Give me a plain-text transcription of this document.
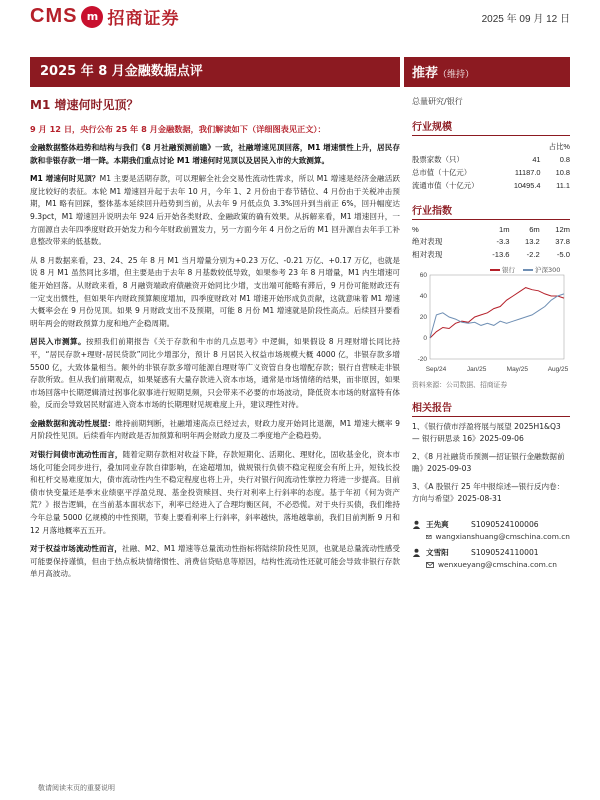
CMS m 招商证券	2025 年 09 月 12 日
2025 年 8 月金融数据点评	推荐（维持）
M1 增速何时见顶？	总量研究/银行
9 月 12 日，央行公布 25 年 8 月金融数据，我们解读如下（详细图表见正文）：

金融数据整体趋势和结构与我们《8 月社融预测前瞻》一致，社融增速见顶回落，M1 增速惯性上升，居民存款和非银存款一增一降。本期我们重点讨论 M1 增速何时见顶以及居民入市的大致测算。

M1 增速何时见顶？M1 主要是活期存款，可以理解全社会交易性流动性需求，所以 M1 增速是经济金融活跃度比较好的表征。本轮 M1 增速回升起于去年 10 月，今年 1、2 月份由于春节错位、4 月份由于关税冲击预期，M1 略有回踩，整体基本延续回升趋势到当前，从去年 9 月低点负 3.3%回升到当前正 6%，回升幅度达 9.3pct，M1 增速回升说明去年 924 后开始各类财政、金融政策的确有效果。从拆解来看，M1 增速回升，一方面源自去年四季度财政开始发力和今年财政前置发力，另一方面今年 4 月份之后的 M1 回升源自去年手工补息整改带来的低基数。

从 8 月数据来看，23、24、25 年 8 月 M1 当月增量分别为+0.23 万亿、-0.21 万亿、+0.17 万亿，也就是说 8 月 M1 虽然同比多增，但主要是由于去年 8 月基数较低导致，如果参考 23 年 8 月增量，M1 内生增速可能开始回落。从财政来看，8 月融资端政府债融资开始同比少增，支出端可能略有滞后，9 月份可能财政还有一定支出惯性，但如果年内财政预算额度增加，四季度财政对 M1 增速开始形成负贡献，这就意味着 M1 增速大概率会在 9 月份见顶。如果 9 月财政支出不及预期，可能 8 月份 M1 增速就是阶段性高点。后续回升要看明年两会的财政预算力度和地产企稳周期。

居民入市测算。按照我们前期报告《关于存款和牛市的几点思考》中逻辑，如果假设 8 月理财增长同比持平，“居民存款+理财-居民贷款”同比少增部分，预计 8 月居民入权益市场规模大概 4000 亿，非银存款多增 5500 亿，大致体量相当。额外的非银存款多增可能源自理财等广义资管自身也增配存款；银行自营赎走非银存款所致。但从我们前期观点，如果疑惑有大量存款进入资本市场，通常是市场情绪的结果，而非原因，如果市场回落中长期逻辑清过拐事化叙事进行短期見频，只会带来不必要的市场波动，降低资本市场的财富特有体验，反而会导致居民财富进入资本市场的长期理财见规难度上升，建议理性对待。

金融数据和流动性展望：维持前期判断，社融增速高点已经过去，财政力度开始同比退潮，M1 增速大概率 9 月阶段性见顶。后续看年内财政是否加预算和明年两会财政力度及二季度地产企稳趋势。

对银行间债市流动性而言，随着定期存款相对收益下降，存款短期化、活期化、理财化，固收基金化，资本市场化可能会同步进行，叠加同业存款自律影响，在途超增加，做规银行负债不稳定程度会有所上升，短钱长投和杠杆交易难度加大，债市流动性内生不稳定程度也将上升，央行对银行间流动性掌控力将进一步提高。目前债市快变量还是季末业绩驱平浮盈兑现、基金投资赎回、央行对利率上行斜率的态度。基于年初《何为资产荒？》报告逻辑，在当前基本面状态下，利率已经进入了合理均衡区间，不必恐慌。对于央行买债，我们维持今年总量 5000 亿规模的中性预期，节奏上要看利率上行斜率，斜率越快，落地越靠前，我们目前判断 9 月和 12 月落地概率五五开。

对于权益市场流动性而言，社融、M2、M1 增速等总量流动性指标将陆续阶段性见顶，也就是总量流动性感受可能要保持谨慎，但由于热点板块情绪惯性、消费信贷贴息等原因，结构性流动性还就可能会导致非银行存款单月高波动。

行业规模
		占比%
股票家数（只）	41	0.8
总市值（十亿元）	11187.0	10.8
流通市值（十亿元）	10495.4	11.1
行业指数
%	1m	6m	12m
绝对表现	-3.3	13.2	37.8
相对表现	-13.6	-2.2	-5.0
银行	沪深300
60
40
20
0
-20
Sep/24	Jan/25	May/25	Aug/25
资料来源：公司数据、招商证券
相关报告
1、《银行债市浮盈将展与展望 2025H1&Q3 — 银行研思录 16》2025-09-06
2、《8 月社融货币预测—招证银行金融数据前瞻》2025-09-03
3、《A 股银行 25 年中报综述—银行反内卷：方向与希望》2025-08-31
王先爽	S1090524100006
wangxianshuang@cmschina.com.cn
文雪阳	S1090524110001
wenxueyang@cmschina.com.cn
敬请阅读末页的重要说明
